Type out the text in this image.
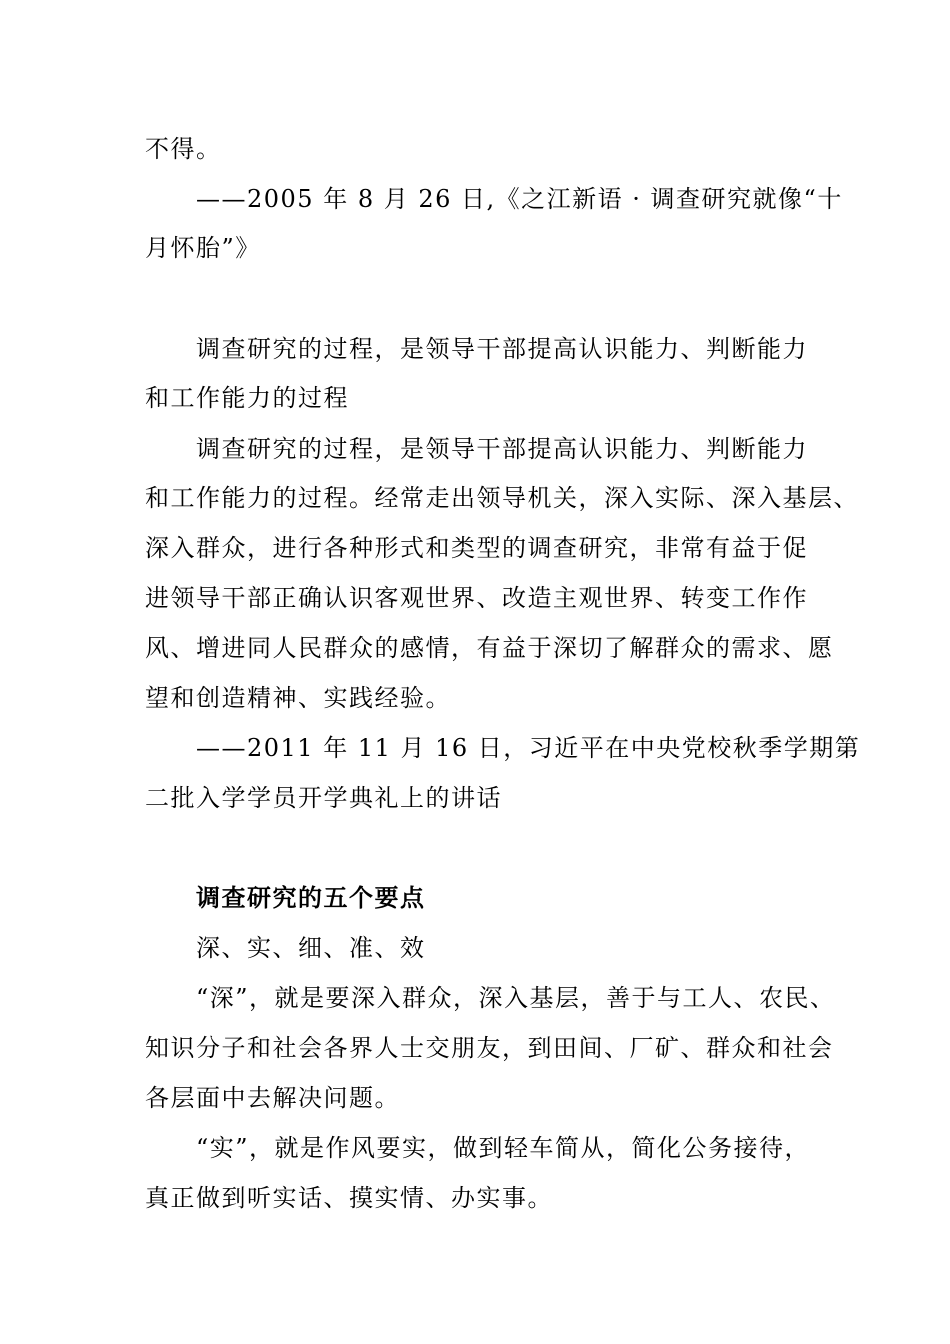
不得。
——2005 年 8 月 26 日,《之江新语 · 调查研究就像“十
月怀胎”》
调查研究的过程，是领导干部提高认识能力、判断能力
和工作能力的过程
调查研究的过程，是领导干部提高认识能力、判断能力
和工作能力的过程。经常走出领导机关，深入实际、深入基层、
深入群众，进行各种形式和类型的调查研究，非常有益于促
进领导干部正确认识客观世界、改造主观世界、转变工作作
风、增进同人民群众的感情，有益于深切了解群众的需求、愿
望和创造精神、实践经验。
——2011 年 11 月 16 日，习近平在中央党校秋季学期第
二批入学学员开学典礼上的讲话
调查研究的五个要点
深、实、细、准、效
“深”，就是要深入群众，深入基层，善于与工人、农民、
知识分子和社会各界人士交朋友，到田间、厂矿、群众和社会
各层面中去解决问题。
“实”，就是作风要实，做到轻车简从，简化公务接待，
真正做到听实话、摸实情、办实事。
